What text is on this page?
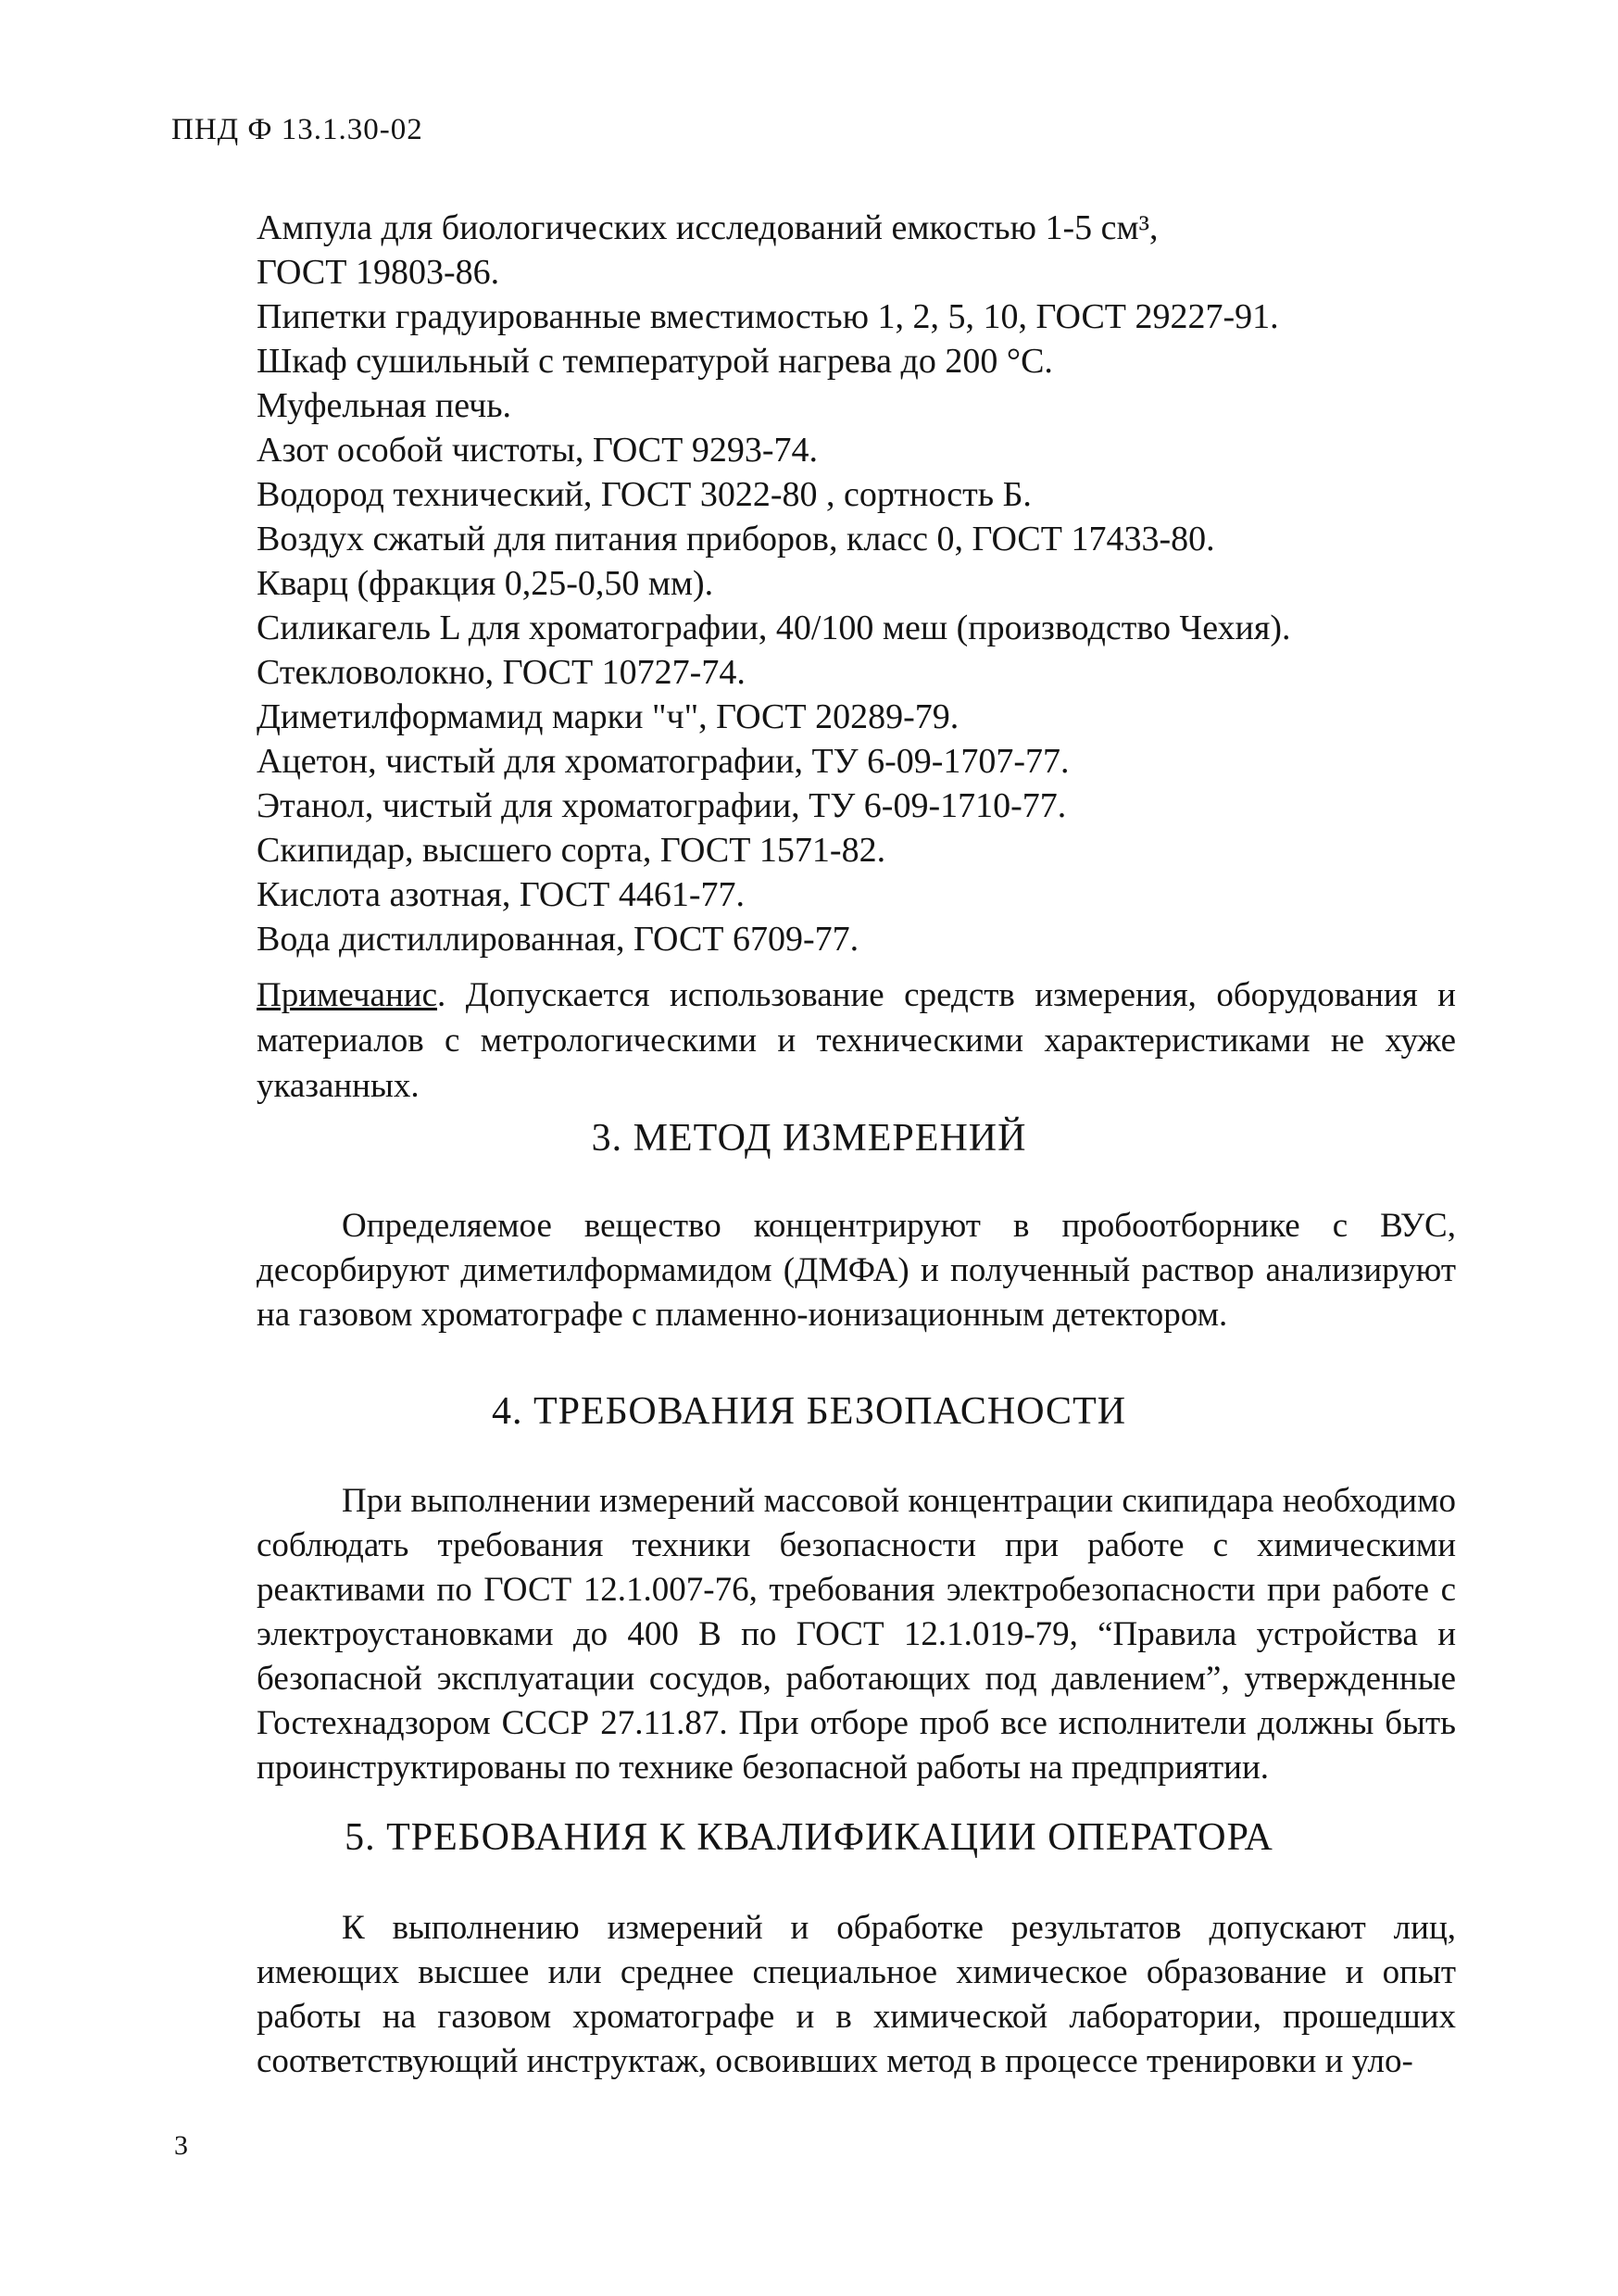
ПНД Ф 13.1.30-02
Ампула для биологических исследований емкостью 1-5 см³,
ГОСТ 19803-86.
Пипетки градуированные вместимостью 1, 2, 5, 10, ГОСТ 29227-91.
Шкаф сушильный с температурой нагрева до 200 °С.
Муфельная печь.
Азот особой чистоты, ГОСТ 9293-74.
Водород технический, ГОСТ 3022-80 , сортность Б.
Воздух сжатый для питания приборов, класс 0, ГОСТ 17433-80.
Кварц (фракция 0,25-0,50 мм).
Силикагель L для хроматографии, 40/100 меш (производство Чехия).
Стекловолокно, ГОСТ 10727-74.
Диметилформамид марки "ч", ГОСТ 20289-79.
Ацетон, чистый для хроматографии, ТУ 6-09-1707-77.
Этанол, чистый для хроматографии, ТУ 6-09-1710-77.
Скипидар, высшего сорта, ГОСТ 1571-82.
Кислота азотная, ГОСТ 4461-77.
Вода дистиллированная, ГОСТ 6709-77.

Примечанис. Допускается использование средств измерения, оборудования и материалов с метрологическими и техническими характеристиками не хуже указанных.

3. МЕТОД ИЗМЕРЕНИЙ

Определяемое вещество концентрируют в пробоотборнике с ВУС, десорбируют диметилформамидом (ДМФА) и полученный раствор анализируют на газовом хроматографе с пламенно-ионизационным детектором.

4. ТРЕБОВАНИЯ БЕЗОПАСНОСТИ

При выполнении измерений массовой концентрации скипидара необходимо соблюдать требования техники безопасности при работе с химическими реактивами по ГОСТ 12.1.007-76, требования электробезопасности при работе с электроустановками до 400 В по ГОСТ 12.1.019-79, “Правила устройства и безопасной эксплуатации сосудов, работающих под давлением”, утвержденные Гостехнадзором СССР 27.11.87. При отборе проб все исполнители должны быть проинструктированы по технике безопасной работы на предприятии.

5. ТРЕБОВАНИЯ К КВАЛИФИКАЦИИ ОПЕРАТОРА

К выполнению измерений и обработке результатов допускают лиц, имеющих высшее или среднее специальное химическое образование и опыт работы на газовом хроматографе и в химической лаборатории, прошедших соответствующий инструктаж, освоивших метод в процессе тренировки и уло-

3
